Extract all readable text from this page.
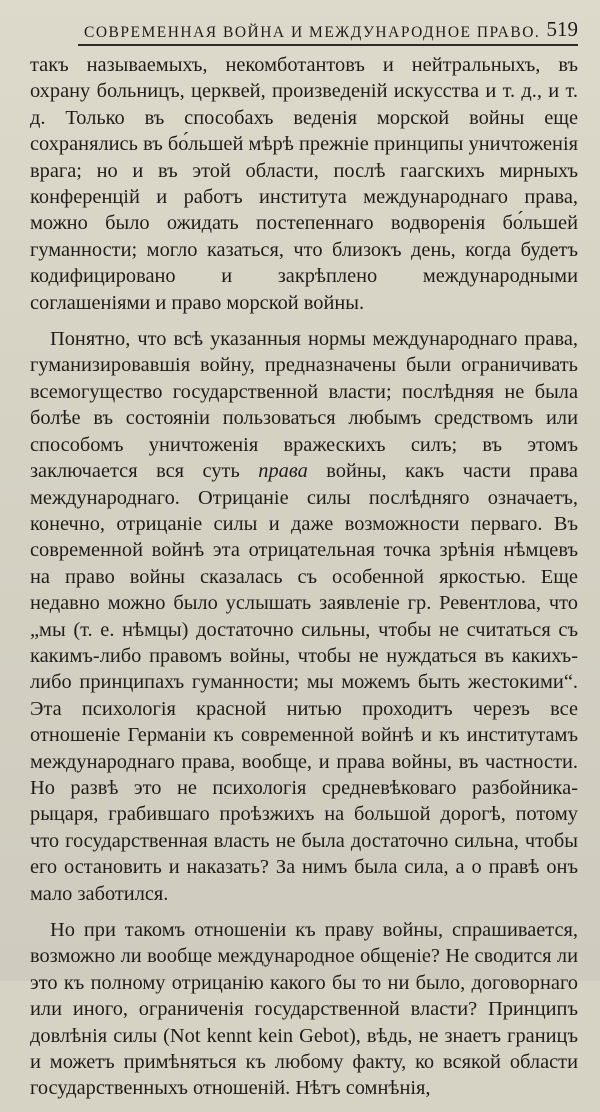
СОВРЕМЕННАЯ ВОЙНА И МЕЖДУНАРОДНОЕ ПРАВО. 519

такъ называемыхъ, некомботантовъ и нейтральныхъ, въ охрану больницъ, церквей, произведеній искусства и т. д., и т. д. Только въ способахъ веденія морской войны еще сохранялись въ бо́льшей мѣрѣ прежніе принципы уничтоженія врага; но и въ этой области, послѣ гаагскихъ мирныхъ конференцій и работъ института международнаго права, можно было ожидать постепеннаго водворенія бо́льшей гуманности; могло казаться, что близокъ день, когда будетъ кодифицировано и закрѣплено международными соглашеніями и право морской войны.

Понятно, что всѣ указанныя нормы международнаго права, гуманизировавшія войну, предназначены были ограничивать всемогущество государственной власти; послѣдняя не была болѣе въ состояніи пользоваться любымъ средствомъ или способомъ уничтоженія вражескихъ силъ; въ этомъ заключается вся суть права войны, какъ части права международнаго. Отрицаніе силы послѣдняго означаетъ, конечно, отрицаніе силы и даже возможности перваго. Въ современной войнѣ эта отрицательная точка зрѣнія нѣмцевъ на право войны сказалась съ особенной яркостью. Еще недавно можно было услышать заявленіе гр. Ревентлова, что „мы (т. е. нѣмцы) достаточно сильны, чтобы не считаться съ какимъ-либо правомъ войны, чтобы не нуждаться въ какихъ-либо принципахъ гуманности; мы можемъ быть жестокими“. Эта психологія красной нитью проходитъ черезъ все отношеніе Германіи къ современной войнѣ и къ институтамъ международнаго права, вообще, и права войны, въ частности. Но развѣ это не психологія средневѣковаго разбойника-рыцаря, грабившаго проѣзжихъ на большой дорогѣ, потому что государственная власть не была достаточно сильна, чтобы его остановить и наказать? За нимъ была сила, а о правѣ онъ мало заботился.

Но при такомъ отношеніи къ праву войны, спрашивается, возможно ли вообще международное общеніе? Не сводится ли это къ полному отрицанію какого бы то ни было, договорнаго или иного, ограниченія государственной власти? Принципъ довлѣнія силы (Not kennt kein Gebot), вѣдь, не знаетъ границъ и можетъ примѣняться къ любому факту, ко всякой области государственныхъ отношеній. Нѣтъ сомнѣнія,
